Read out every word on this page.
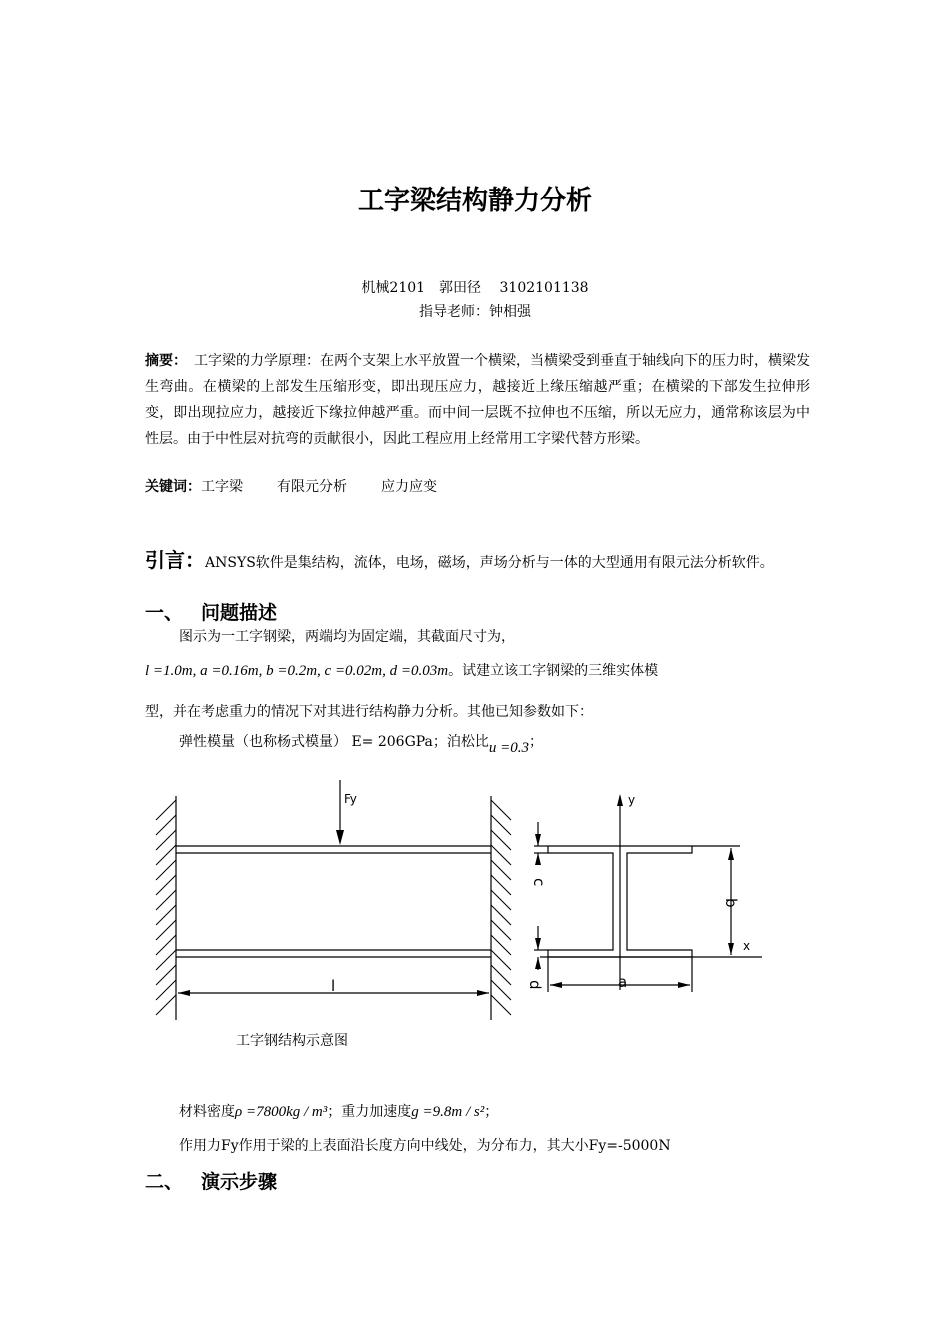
工字梁结构静力分析
机械2101　郭田径　 3102101138
指导老师：钟相强
摘要：　工字梁的力学原理：在两个支架上水平放置一个横梁，当横梁受到垂直于轴线向下的压力时，横梁发生弯曲。在横梁的上部发生压缩形变，即出现压应力，越接近上缘压缩越严重；在横梁的下部发生拉伸形变，即出现拉应力，越接近下缘拉伸越严重。而中间一层既不拉伸也不压缩，所以无应力，通常称该层为中性层。由于中性层对抗弯的贡献很小，因此工程应用上经常用工字梁代替方形梁。
关键词：工字梁 有限元分析 应力应变
引言：ANSYS软件是集结构，流体，电场，磁场，声场分析与一体的大型通用有限元法分析软件。
一、 问题描述
图示为一工字钢梁，两端均为固定端，其截面尺寸为，
l =1.0m, a =0.16m, b =0.2m, c =0.02m, d =0.03m。试建立该工字钢梁的三维实体模
型，并在考虑重力的情况下对其进行结构静力分析。其他已知参数如下：
弹性模量（也称杨式模量） E= 206GPa；泊松比u =0.3；
Fy
l
y
x
a
c
b
d
工字钢结构示意图
材料密度ρ =7800kg / m³；重力加速度g =9.8m / s²；
作用力Fy作用于梁的上表面沿长度方向中线处，为分布力，其大小Fy=-5000N
二、 演示步骤
